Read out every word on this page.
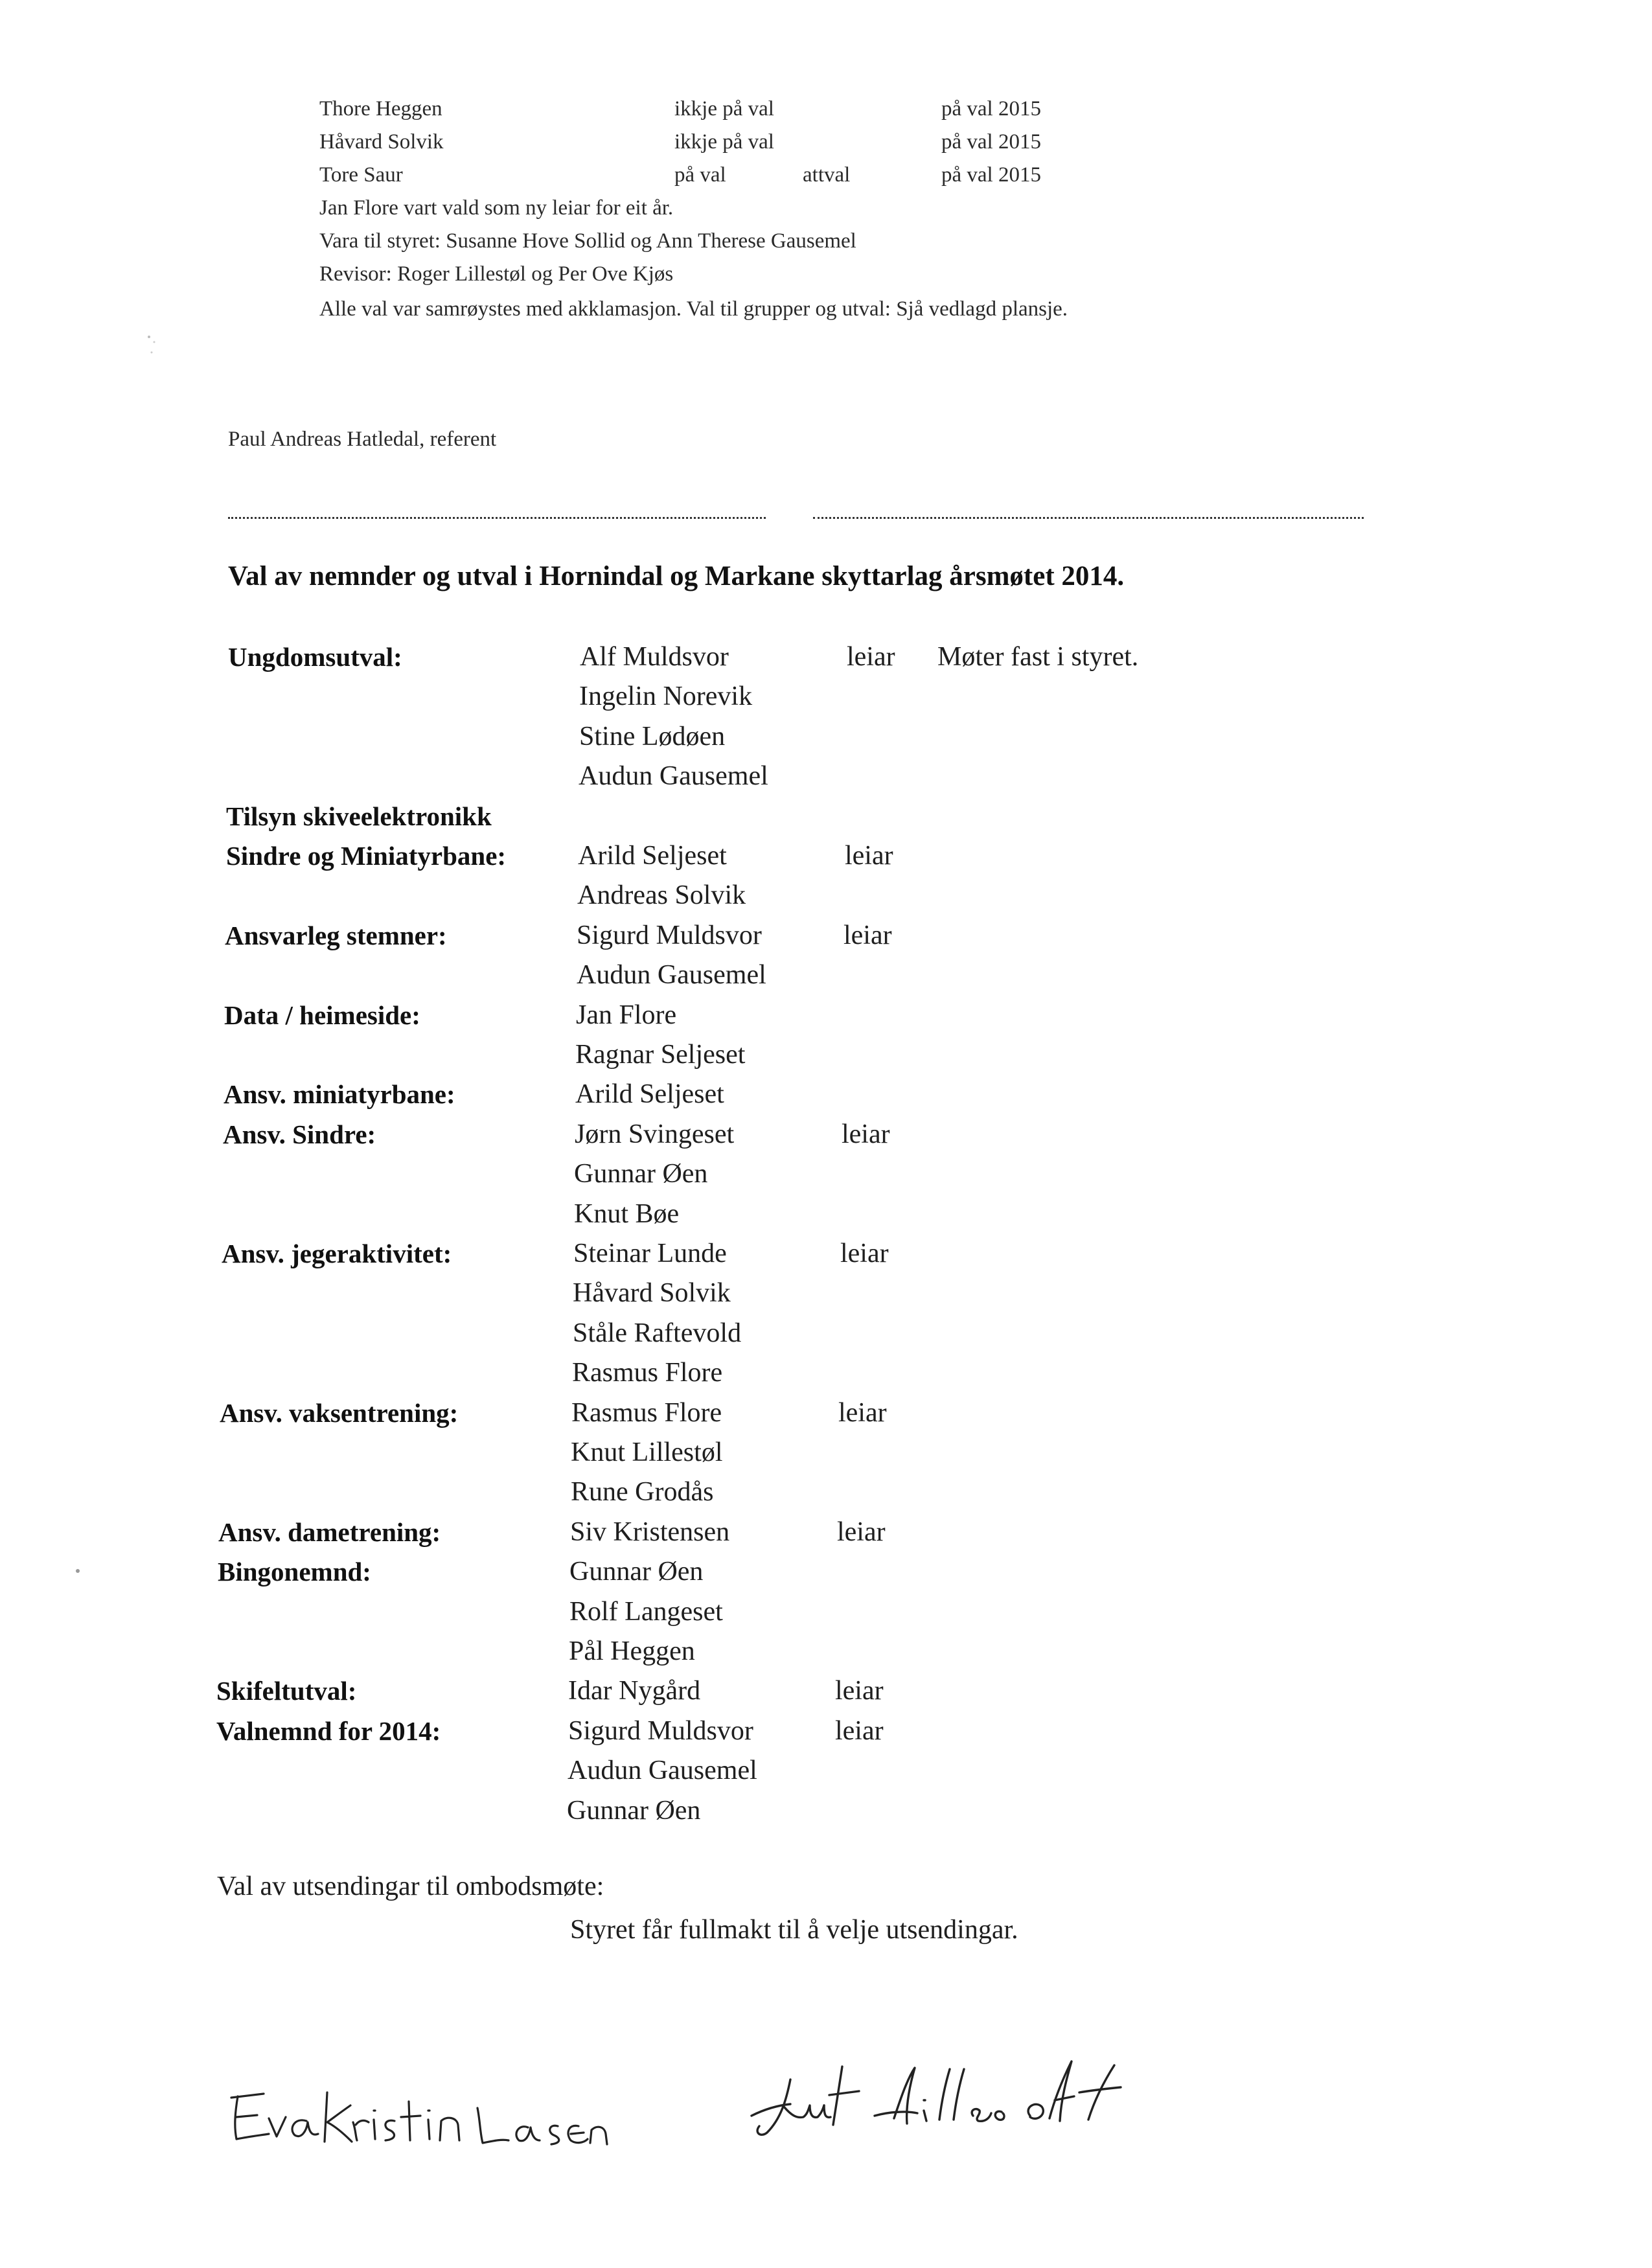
Thore Heggen	ikkje på val	på val 2015
Håvard Solvik	ikkje på val	på val 2015
Tore Saur	på val	attval	på val 2015
Jan Flore vart vald som ny leiar for eit år.
Vara til styret: Susanne Hove Sollid og Ann Therese Gausemel
Revisor: Roger Lillestøl og Per Ove Kjøs
Alle val var samrøystes med akklamasjon. Val til grupper og utval: Sjå vedlagd plansje.
Paul Andreas Hatledal, referent
Val av nemnder og utval i Hornindal og Markane skyttarlag årsmøtet 2014.
Ungdomsutval:	Alf Muldsvor	leiar Møter fast i styret.
Ingelin Norevik
Stine Lødøen
Audun Gausemel
Tilsyn skiveelektronikk
Sindre og Miniatyrbane:	Arild Seljeset	leiar
Andreas Solvik
Ansvarleg stemner:	Sigurd Muldsvor	leiar
Audun Gausemel
Data / heimeside:	Jan Flore
Ragnar Seljeset
Ansv. miniatyrbane:	Arild Seljeset
Ansv. Sindre:	Jørn Svingeset	leiar
Gunnar Øen
Knut Bøe
Ansv. jegeraktivitet:	Steinar Lunde	leiar
Håvard Solvik
Ståle Raftevold
Rasmus Flore
Ansv. vaksentrening:	Rasmus Flore	leiar
Knut Lillestøl
Rune Grodås
Ansv. dametrening:	Siv Kristensen	leiar
Bingonemnd:	Gunnar Øen
Rolf Langeset
Pål Heggen
Skifeltutval:	Idar Nygård	leiar
Valnemnd for 2014:	Sigurd Muldsvor	leiar
Audun Gausemel
Gunnar Øen
Val av utsendingar til ombodsmøte:
Styret får fullmakt til å velje utsendingar.
